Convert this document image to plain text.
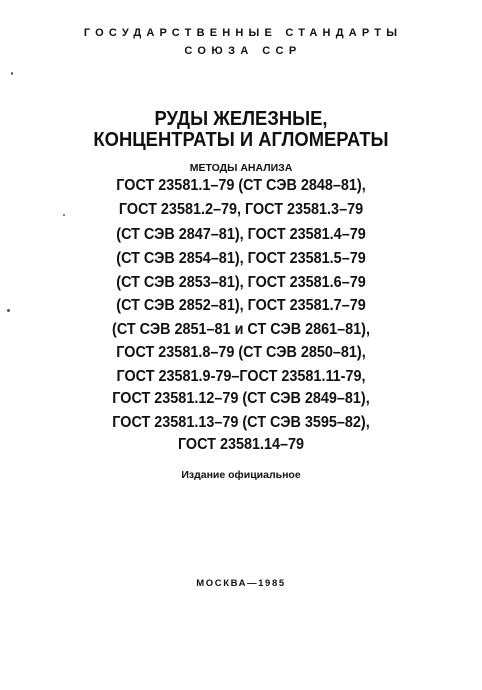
ГОСУДАРСТВЕННЫЕ СТАНДАРТЫ
СОЮЗА ССР
РУДЫ ЖЕЛЕЗНЫЕ,
КОНЦЕНТРАТЫ И АГЛОМЕРАТЫ
МЕТОДЫ АНАЛИЗА
ГОСТ 23581.1–79 (СТ СЭВ 2848–81),
ГОСТ 23581.2–79, ГОСТ 23581.3–79
(СТ СЭВ 2847–81), ГОСТ 23581.4–79
(СТ СЭВ 2854–81), ГОСТ 23581.5–79
(СТ СЭВ 2853–81), ГОСТ 23581.6–79
(СТ СЭВ 2852–81), ГОСТ 23581.7–79
(СТ СЭВ 2851–81 и СТ СЭВ 2861–81),
ГОСТ 23581.8–79 (СТ СЭВ 2850–81),
ГОСТ 23581.9-79–ГОСТ 23581.11-79,
ГОСТ 23581.12–79 (СТ СЭВ 2849–81),
ГОСТ 23581.13–79 (СТ СЭВ 3595–82),
ГОСТ 23581.14–79
Издание официальное
МОСКВА—1985
